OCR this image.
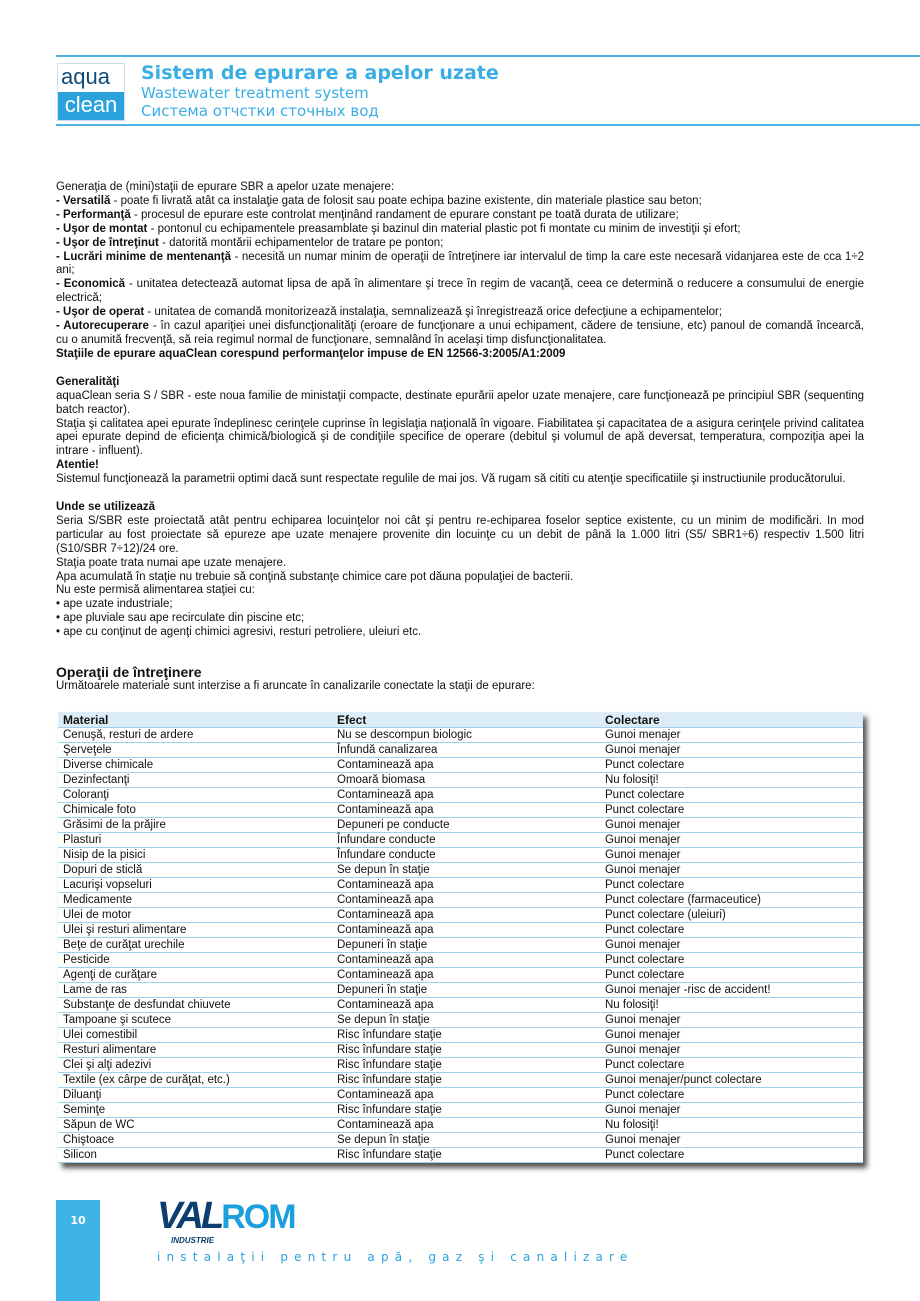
aqua
clean
Sistem de epurare a apelor uzate
Wastewater treatment system
Система отчстки сточных вод

Generaţia de (mini)staţii de epurare SBR a apelor uzate menajere:

- Versatilă - poate fi livrată atât ca instalaţie gata de folosit sau poate echipa bazine existente, din materiale plastice sau beton;

- Performanţă - procesul de epurare este controlat menţinând randament de epurare constant pe toată durata de utilizare;

- Uşor de montat - pontonul cu echipamentele preasamblate şi bazinul din material plastic pot fi montate cu minim de investiţii şi efort;

- Uşor de întreţinut - datorită montării echipamentelor de tratare pe ponton;

- Lucrări minime de mentenanţă - necesită un numar minim de operaţii de întreţinere iar intervalul de timp la care este necesară vidanjarea este de cca 1÷2 ani;

- Economică - unitatea detectează automat lipsa de apă în alimentare şi trece în regim de vacanţă, ceea ce determină o reducere a consumului de energie electrică;

- Uşor de operat - unitatea de comandă monitorizează instalaţia, semnalizează şi înregistrează orice defecţiune a echipamentelor;

- Autorecuperare - în cazul apariţiei unei disfuncţionalităţi (eroare de funcţionare a unui echipament, cădere de tensiune, etc) panoul de comandă încearcă, cu o anumită frecvenţă, să reia regimul normal de funcţionare, semnalând în acelaşi timp disfuncţionalitatea.

Staţiile de epurare aquaClean corespund performanţelor impuse de EN 12566-3:2005/A1:2009

Generalităţi

aquaClean seria S / SBR - este noua familie de ministaţii compacte, destinate epurării apelor uzate menajere, care funcţionează pe principiul SBR (sequenting batch reactor).

Staţia şi calitatea apei epurate îndeplinesc cerinţele cuprinse în legislaţia naţională în vigoare. Fiabilitatea şi capacitatea de a asigura cerinţele privind calitatea apei epurate depind de eficienţa chimică/biologică şi de condiţiile specifice de operare (debitul şi volumul de apă deversat, temperatura, compoziţia apei la intrare - influent).

Atentie!

Sistemul funcţionează la parametrii optimi dacă sunt respectate regulile de mai jos. Vă rugam să cititi cu atenţie specificatiile şi instructiunile producătorului.

Unde se utilizează

Seria S/SBR este proiectată atât pentru echiparea locuinţelor noi cât şi pentru re-echiparea foselor septice existente, cu un minim de modificări. In mod particular au fost proiectate să epureze ape uzate menajere provenite din locuinţe cu un debit de până la 1.000 litri (S5/ SBR1÷6) respectiv 1.500 litri (S10/SBR 7÷12)/24 ore.

Staţia poate trata numai ape uzate menajere.

Apa acumulată în staţie nu trebuie să conţină substanţe chimice care pot dăuna populaţiei de bacterii.

Nu este permisă alimentarea staţiei cu:

• ape uzate industriale;

• ape pluviale sau ape recirculate din piscine etc;

• ape cu conţinut de agenţi chimici agresivi, resturi petroliere, uleiuri etc.

Operaţii de întreţinere

Următoarele materiale sunt interzise a fi aruncate în canalizarile conectate la staţii de epurare:

Material	Efect	Colectare
Cenuşă, resturi de ardere	Nu se descompun biologic	Gunoi menajer
Şerveţele	Înfundă canalizarea	Gunoi menajer
Diverse chimicale	Contaminează apa	Punct colectare
Dezinfectanţi	Omoară biomasa	Nu folosiţi!
Coloranţi	Contaminează apa	Punct colectare
Chimicale foto	Contaminează apa	Punct colectare
Grăsimi de la prăjire	Depuneri pe conducte	Gunoi menajer
Plasturi	Înfundare conducte	Gunoi menajer
Nisip de la pisici	Înfundare conducte	Gunoi menajer
Dopuri de sticlă	Se depun în staţie	Gunoi menajer
Lacurişi vopseluri	Contaminează apa	Punct colectare
Medicamente	Contaminează apa	Punct colectare (farmaceutice)
Ulei de motor	Contaminează apa	Punct colectare (uleiuri)
Ulei şi resturi alimentare	Contaminează apa	Punct colectare
Beţe de curăţat urechile	Depuneri în staţie	Gunoi menajer
Pesticide	Contaminează apa	Punct colectare
Agenţi de curăţare	Contaminează apa	Punct colectare
Lame de ras	Depuneri în staţie	Gunoi menajer -risc de accident!
Substanţe de desfundat chiuvete	Contaminează apa	Nu folosiţi!
Tampoane şi scutece	Se depun în staţie	Gunoi menajer
Ulei comestibil	Risc înfundare staţie	Gunoi menajer
Resturi alimentare	Risc înfundare staţie	Gunoi menajer
Clei şi alţi adezivi	Risc înfundare staţie	Punct colectare
Textile (ex cârpe de curăţat, etc.)	Risc înfundare staţie	Gunoi menajer/punct colectare
Diluanţi	Contaminează apa	Punct colectare
Seminţe	Risc înfundare staţie	Gunoi menajer
Săpun de WC	Contaminează apa	Nu folosiţi!
Chiştoace	Se depun în staţie	Gunoi menajer
Silicon	Risc înfundare staţie	Punct colectare
10	VALROM
INDUSTRIE
instalaţii pentru apă, gaz şi canalizare
